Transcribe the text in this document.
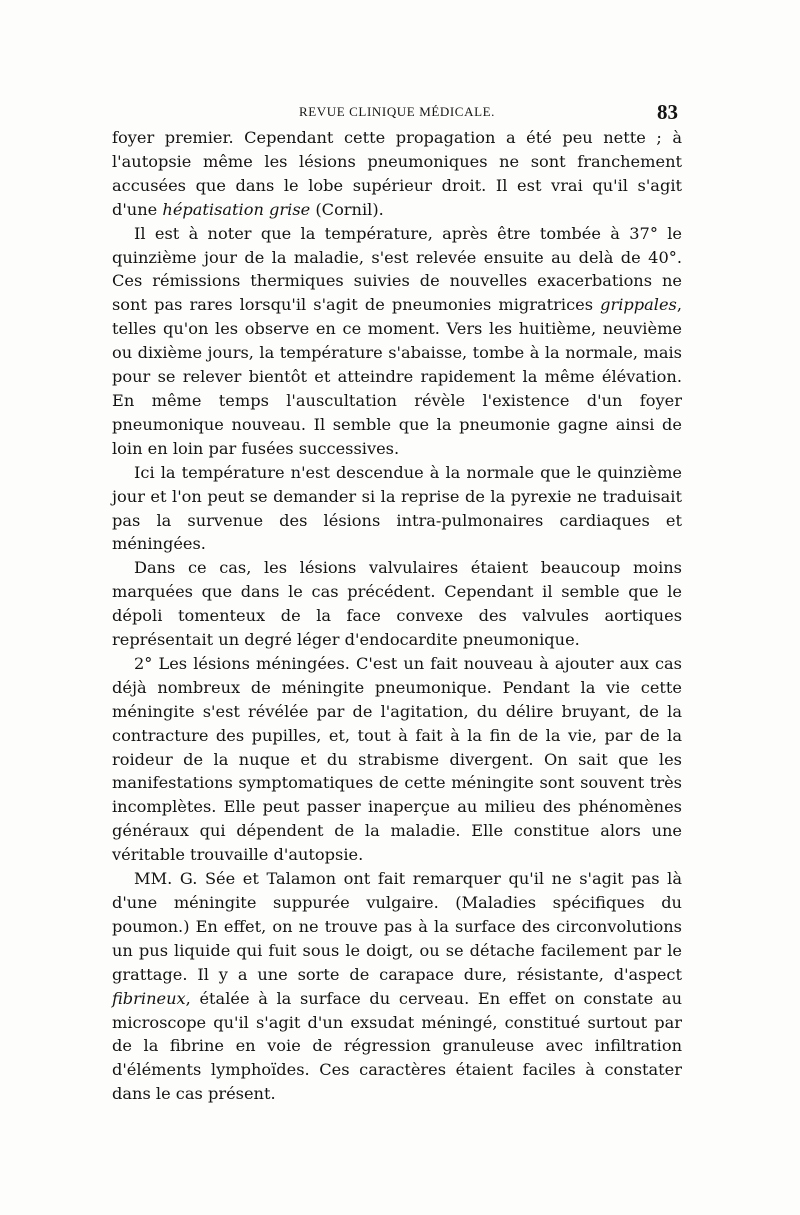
REVUE CLINIQUE MÉDICALE.	83

foyer premier. Cependant cette propagation a été peu nette ; à l'autopsie même les lésions pneumoniques ne sont franchement accusées que dans le lobe supérieur droit. Il est vrai qu'il s'agit d'une hépatisation grise (Cornil).

Il est à noter que la température, après être tombée à 37° le quinzième jour de la maladie, s'est relevée ensuite au delà de 40°. Ces rémissions thermiques suivies de nouvelles exacerbations ne sont pas rares lorsqu'il s'agit de pneumonies migratrices grippales, telles qu'on les observe en ce moment. Vers les huitième, neuvième ou dixième jours, la température s'abaisse, tombe à la normale, mais pour se relever bientôt et atteindre rapidement la même élévation. En même temps l'auscultation révèle l'existence d'un foyer pneumonique nouveau. Il semble que la pneumonie gagne ainsi de loin en loin par fusées successives.

Ici la température n'est descendue à la normale que le quinzième jour et l'on peut se demander si la reprise de la pyrexie ne traduisait pas la survenue des lésions intra-pulmonaires cardiaques et méningées.

Dans ce cas, les lésions valvulaires étaient beaucoup moins marquées que dans le cas précédent. Cependant il semble que le dépoli tomenteux de la face convexe des valvules aortiques représentait un degré léger d'endocardite pneumonique.

2° Les lésions méningées. C'est un fait nouveau à ajouter aux cas déjà nombreux de méningite pneumonique. Pendant la vie cette méningite s'est révélée par de l'agitation, du délire bruyant, de la contracture des pupilles, et, tout à fait à la fin de la vie, par de la roideur de la nuque et du strabisme divergent. On sait que les manifestations symptomatiques de cette méningite sont souvent très incomplètes. Elle peut passer inaperçue au milieu des phénomènes généraux qui dépendent de la maladie. Elle constitue alors une véritable trouvaille d'autopsie.

MM. G. Sée et Talamon ont fait remarquer qu'il ne s'agit pas là d'une méningite suppurée vulgaire. (Maladies spécifiques du poumon.) En effet, on ne trouve pas à la surface des circonvolutions un pus liquide qui fuit sous le doigt, ou se détache facilement par le grattage. Il y a une sorte de carapace dure, résistante, d'aspect fibrineux, étalée à la surface du cerveau. En effet on constate au microscope qu'il s'agit d'un exsudat méningé, constitué surtout par de la fibrine en voie de régression granuleuse avec infiltration d'éléments lymphoïdes. Ces caractères étaient faciles à constater dans le cas présent.
